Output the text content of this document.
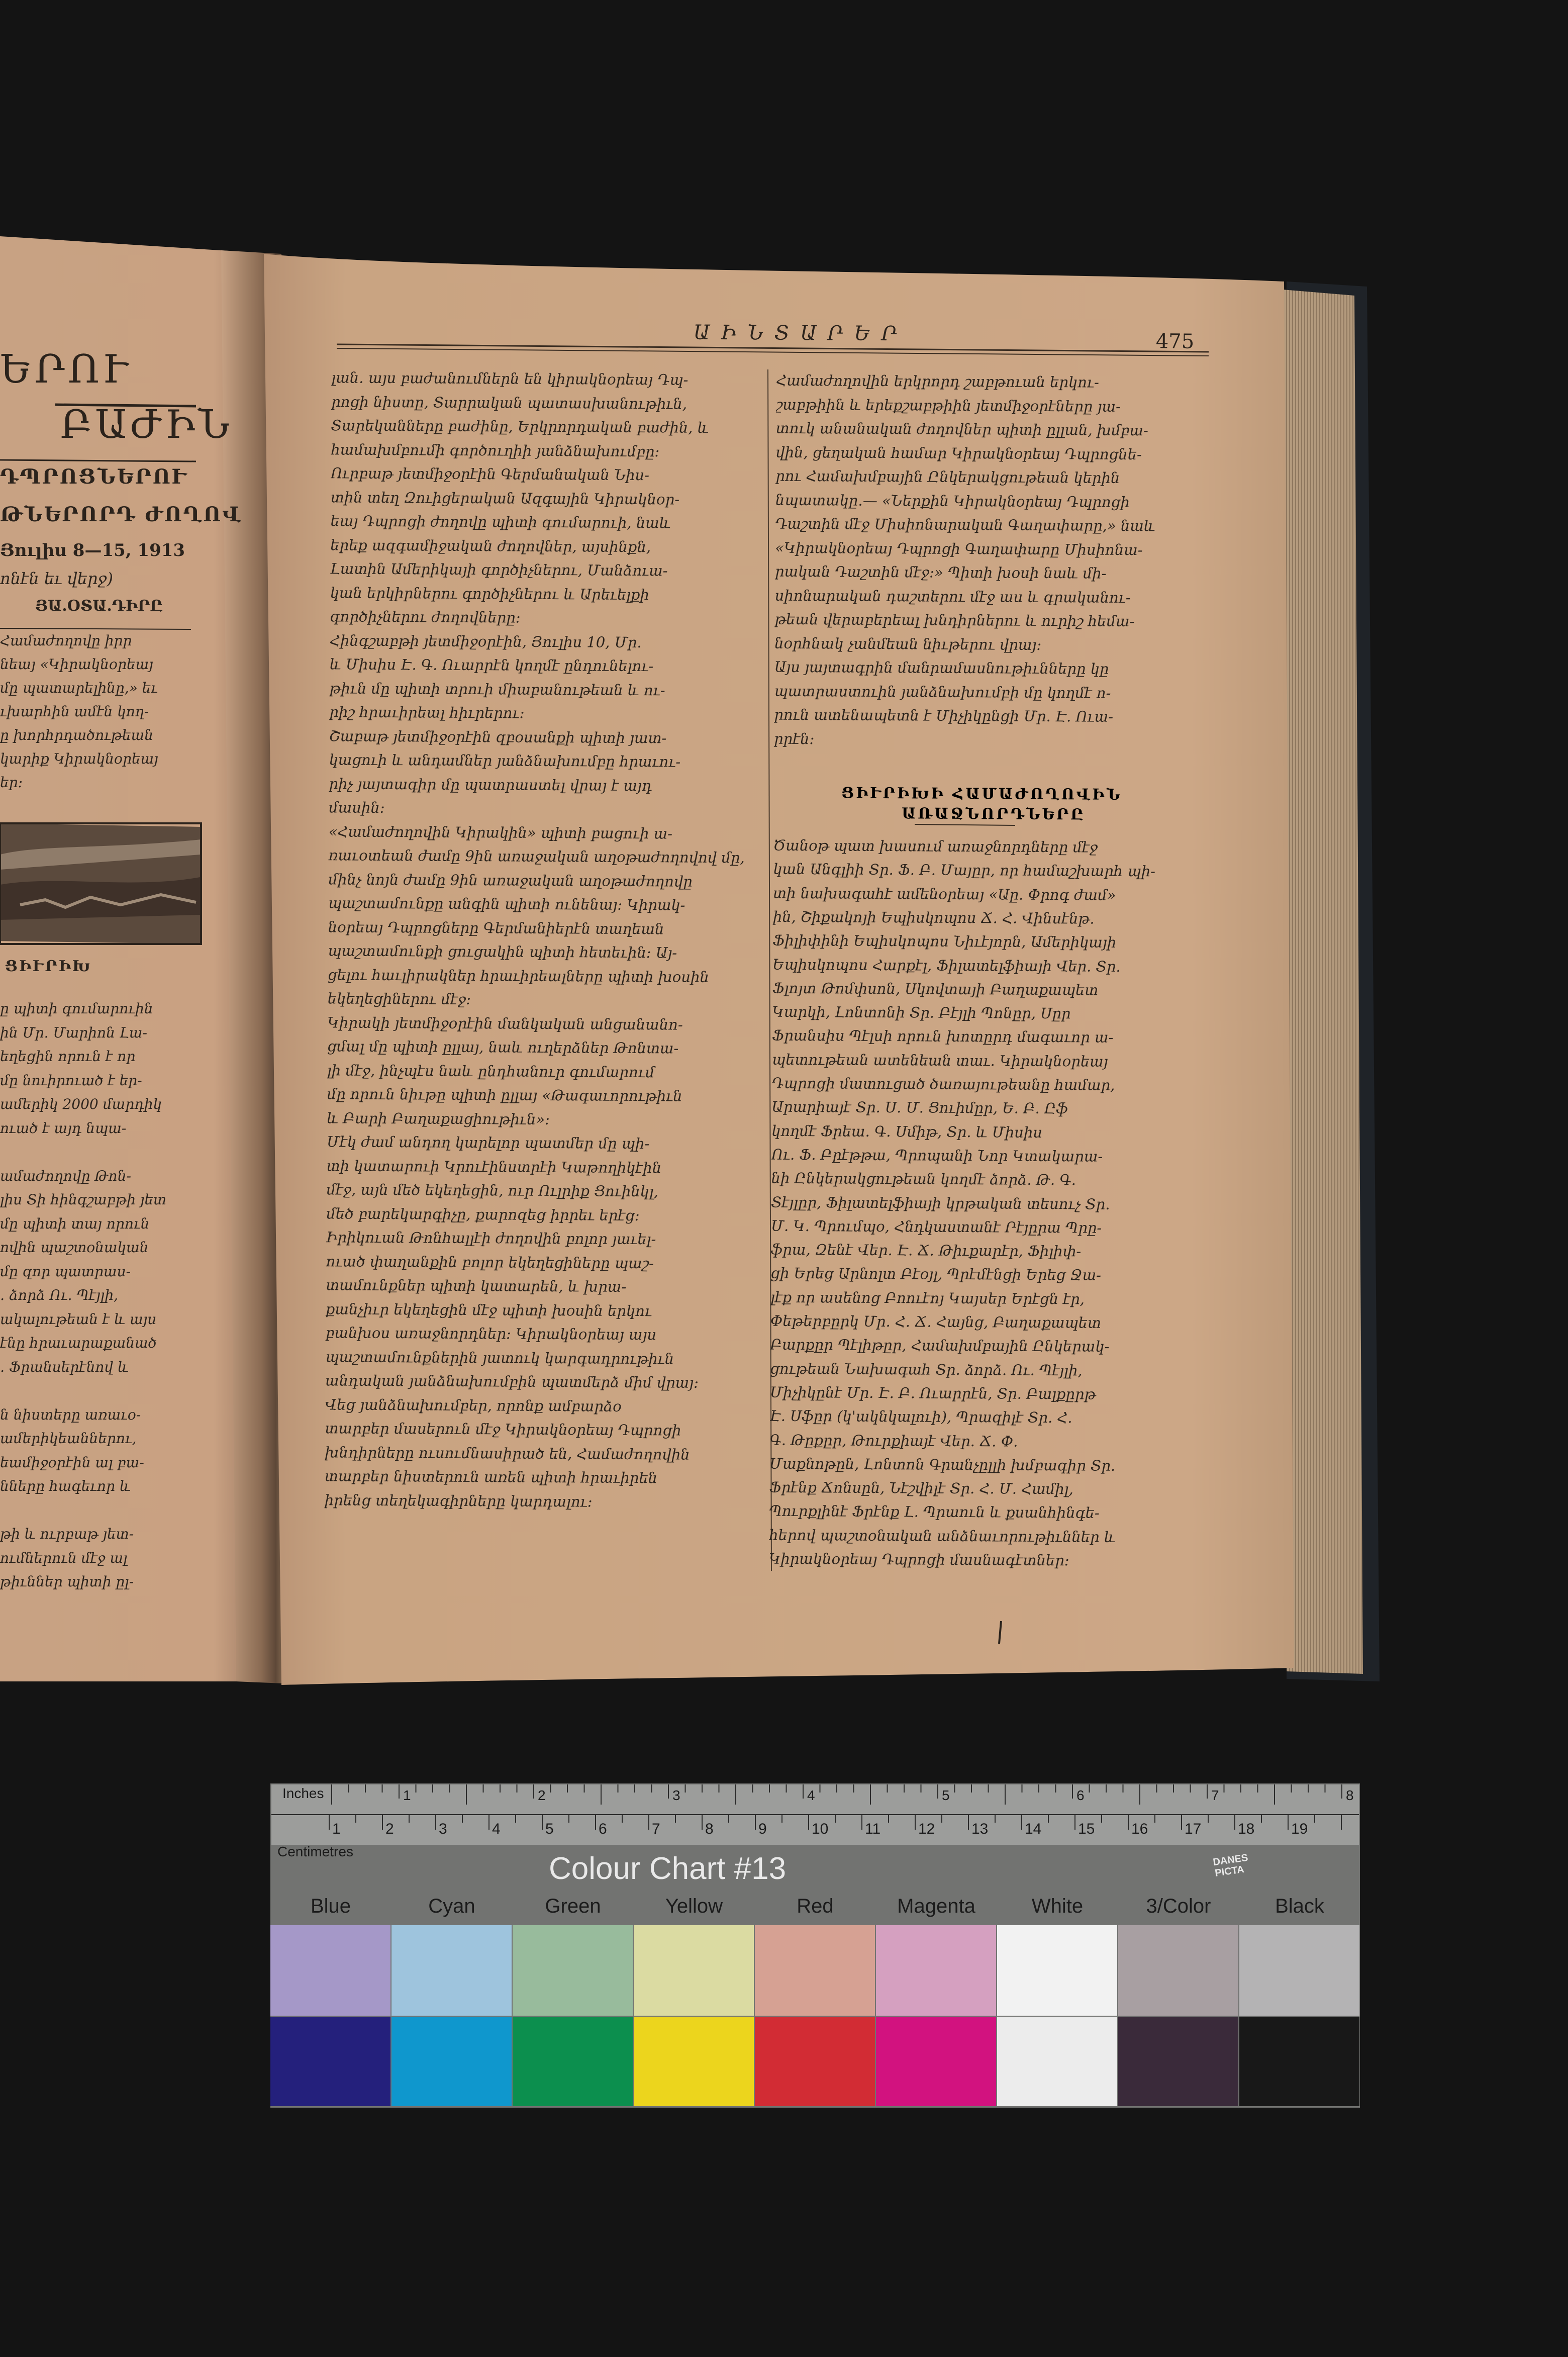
ԱԻՆՏԱՐԵՐ	475
լան․ այս բաժանումներն են կիրակնօրեայ Դպ-
րոցի նիստը, Տարրական պատասխանութիւն,
Տարեկանները բաժինը, Երկրորդական բաժին, և
համախմբումի գործուղիի յանձնախումբը։
Ուրբաթ յետմիջօրէին Գերմանական Նիս-
տին տեղ Զուիցերական Ազգային Կիրակնօր-
եայ Դպրոցի ժողովը պիտի գումարուի, նաև
երեք ազգամիջական ժողովներ, այսինքն,
Լատին Ամերիկայի գործիչներու, Մանձուա-
կան երկիրներու գործիչներու և Արեւելքի
գործիչներու ժողովները։
Հինգշաբթի յետմիջօրէին, Յուլիս 10, Մր.
և Միսիս Է. Գ. Ուարրէն կողմէ ընդունելու-
թիւն մը պիտի տրուի միաբանութեան և ու-
րիշ հրաւիրեալ հիւրերու։
Շաբաթ յետմիջօրէին զբօսանքի պիտի յատ-
կացուի և անդամներ յանձնախումբը հրաւու-
րիչ յայտագիր մը պատրաստել վրայ է այդ
մասին։
«Համաժողովին Կիրակին» պիտի բացուի ա-
ռաւօտեան ժամը 9ին առաջական աղօթաժողովով մը,
մինչ նոյն ժամը 9ին առաջական աղօթաժողովը
պաշտամունքը անգին պիտի ունենայ։ Կիրակ-
նօրեայ Դպրոցները Գերմանիերէն տաղեան
պաշտամունքի ցուցակին պիտի հետեւին։ Այ-
ցելու հաւլիրակներ հրաւիրեալները պիտի խօսին
եկեղեցիներու մէջ։
Կիրակի յետմիջօրէին մանկական անցանանո-
ցմալ մը պիտի ըլլայ, նաև ուղերձներ Թոնտա-
լի մէջ, ինչպէս նաև ընդհանուր գումարում
մը որուն նիւթը պիտի ըլլայ «Թագաւորութիւն
և Բարի Բաղաքացիութիւն»։
Մէկ ժամ անդող կարելոր պատմեր մը պի-
տի կատարուի Կրուէինստրէի Կաթողիկէին
մէջ, այն մեծ եկեղեցին, ուր Ուլրիք Ցուինկլ,
մեծ բարեկարգիչը, քարոզեց իրրեւ երէց։
Իրիկուան Թոնհալլէի ժողովին բոլոր յաւել-
ուած փաղանքին բոլոր եկեղեցիները պաշ-
տամունքներ պիտի կատարեն, և խրա-
քանչիւր եկեղեցին մէջ պիտի խօսին երկու
բանխօս առաջնորդներ։ Կիրակնօրեայ այս
պաշտամունքներին յատուկ կարգադրութիւն
անդական յանձնախումբին պատմերձ միմ վրայ։
Վեց յանձնախումբեր, որոնք ամբարձօ
տարբեր մասերուն մէջ Կիրակնօրեայ Դպրոցի
խնդիրները ուսումնասիրած են, Համաժողովին
տարբեր նիստերուն առեն պիտի հրաւիրեն
իրենց տեղեկագիրները կարդալու։
Համաժողովին երկրորդ շաբթուան երկու-
շաբթիին և երեքշաբթիին յետմիջօրէները յա-
տուկ անանական ժողովներ պիտի ըլլան, խմբա-
վին, ցեղական համար Կիրակնօրեայ Դպրոցնե-
րու Համախմբային Ընկերակցութեան կերին
նպատակը․— «Ներքին Կիրակնօրեայ Դպրոցի
Դաշտին մէջ Միսիոնարական Գաղափարը,» նաև
«Կիրակնօրեայ Դպրոցի Գաղափարը Միսիոնա-
րական Դաշտին մէջ։» Պիտի խօսի նաև մի-
սիոնարական դաշտերու մէջ աս և գրականու-
թեան վերաբերեալ խնդիրներու և ուրիշ հեմա-
նօրհնակ չանմեան նիւթերու վրայ։
Այս յայտագրին մանրամասնութիւնները կը
պատրաստուին յանձնախումբի մը կողմէ ո-
րուն ատենապետն է Միչիկընցի Մր. Է. Ուա-
րրէն։
Ծանօթ պատ խասում առաջնորդները մէջ
կան Անգլիի Տր. Ֆ. Բ. Մայըր, որ համաշխարհ պի-
տի նախագահէ ամենօրեայ «Աը. Փրոգ ժամ»
ին, Շիքակոյի Եպիսկոպոս Ճ. Հ. Վինսէնթ.
Ֆիլիփինի Եպիսկոպոս Նիւէյորն, Ամերիկայի
Եպիսկոպոս Հարքէլ, Ֆիլատելֆիայի Վեր. Տր.
Ֆլոյտ Թոմփսոն, Սկովտայի Բաղաքապետ
Կարկի, Լոնտոնի Տր. Բէյլի Պոնըր, Սըր
Ֆրանսիս Պէլսի որուն խոտըրդ մագաւոր ա-
պետութեան ատենեան տաւ. Կիրակնօրեայ
Դպրոցի մատուցած ծառայութեանը համար,
Արարիայէ Տր. Ս. Մ. Ցուիմըր, Ե. Բ. Ըֆ
կողմէ Ֆրեա. Գ. Սմիթ, Տր. և Միսիս
Ու. Ֆ. Բըէթթա, Պրոպանի Նոր Կտակարա-
նի Ընկերակցութեան կողմէ ձորձ. Թ. Գ.
Տէյլըր, Ֆիլատելֆիայի կրթական տեսուչ Տր.
Մ. Կ. Պրումպօ, Հնդկաստանէ Րէյըրա Պրը-
ֆրա, Զենէ Վեր. Է. Ճ. Թիւքարէր, Ֆիլիփ-
ցի Երեց Արնոլտ Բէօյլ, Պրէմէնցի Երեց Ջա-
լէք որ ասենոց Բոուէոյ Կայսեր Երէցն էր,
Փեթերբըրկ Մր. Հ. Ճ. Հայնց, Բաղաքապետ
Բարքըր Պէլիթըր, Համախմբային Ընկերակ-
ցութեան Նախագահ Տր. ձորձ. Ու. Պէյլի,
Միչիկընէ Մր. Է. Բ. Ուարրէն, Տր. Բալքըրթ
Է. Սֆըր (կ'ակնկալուի), Պրազիլէ Տր. Հ.
Գ. Թըքըր, Թուրքիայէ Վեր. Ճ. Փ.
Մաքնոթըն, Լոնտոն Գրանչըլլի խմբագիր Տր.
Ֆրէնք Ճոնսըն, Նէշվիլէ Տր. Հ. Մ. Համիլ,
Պուրքլինէ Ֆրէնք Լ. Պրաուն և քսանհինգե-
հերով պաշտօնական անձնաւորութիւններ և
Կիրակնօրեայ Դպրոցի մասնագէտներ։
ՑԻՒՐԻԽԻ ՀԱՄԱԺՈՂՈՎԻՆ
ԱՌԱՋՆՈՐԴՆԵՐԸ
ԵՐՈՒ
ԲԱԺԻՆ
ԴՊՐՈՑՆԵՐՈՒ
ԹՆԵՐՈՐԴ ԺՈՂՈՎ
Յուլիս 8—15, 1913
ոնէն եւ վերջ)
ՅԱ.ՕՏԱ.ԴԻՐԸ
Համաժողովը իրր
նեայ «Կիրակնօրեայ
մը պատարելինը,» եւ
ւխարհին ամէն կող-
ը խորհրդածութեան
կարիք Կիրակնօրեայ
եր։
ՑԻՒՐԻԽ
ը պիտի գումարուին
ին Մր. Մարիոն Լա-
եղեցին որուն է որ
մը նուիրուած է եր-
ամերիկ 2000 մարդիկ
ուած է այդ նպա-
ամաժողովը Թոն-
լիս Տի հինգշաբթի յետ
մը պիտի տայ որուն
ովին պաշտօնական
մը զոր պատրաս-
․ ձորձ Ու. Պէյլի,
ակալութեան է և այս
էնը հրաւարաքանած
․ Ֆրանսերէնով և
ն նիստերը առաւօ-
ամերիկեաններու,
եամիջօրէին ալ բա-
նները հագեւոր և
թի և ուրբաթ յետ-
ումներուն մէջ ալ
թիւններ պիտի ըլ-
Inches
Centimetres
1	2	3	4	5	6	7	8
1	2	3	4	5	6	7	8	9	10 11 12 13 14 15 16 17 18 19
Colour Chart #13	DANES PICTA
Blue	Cyan	Green	Yellow	Red	Magenta	White	3/Color	Black
